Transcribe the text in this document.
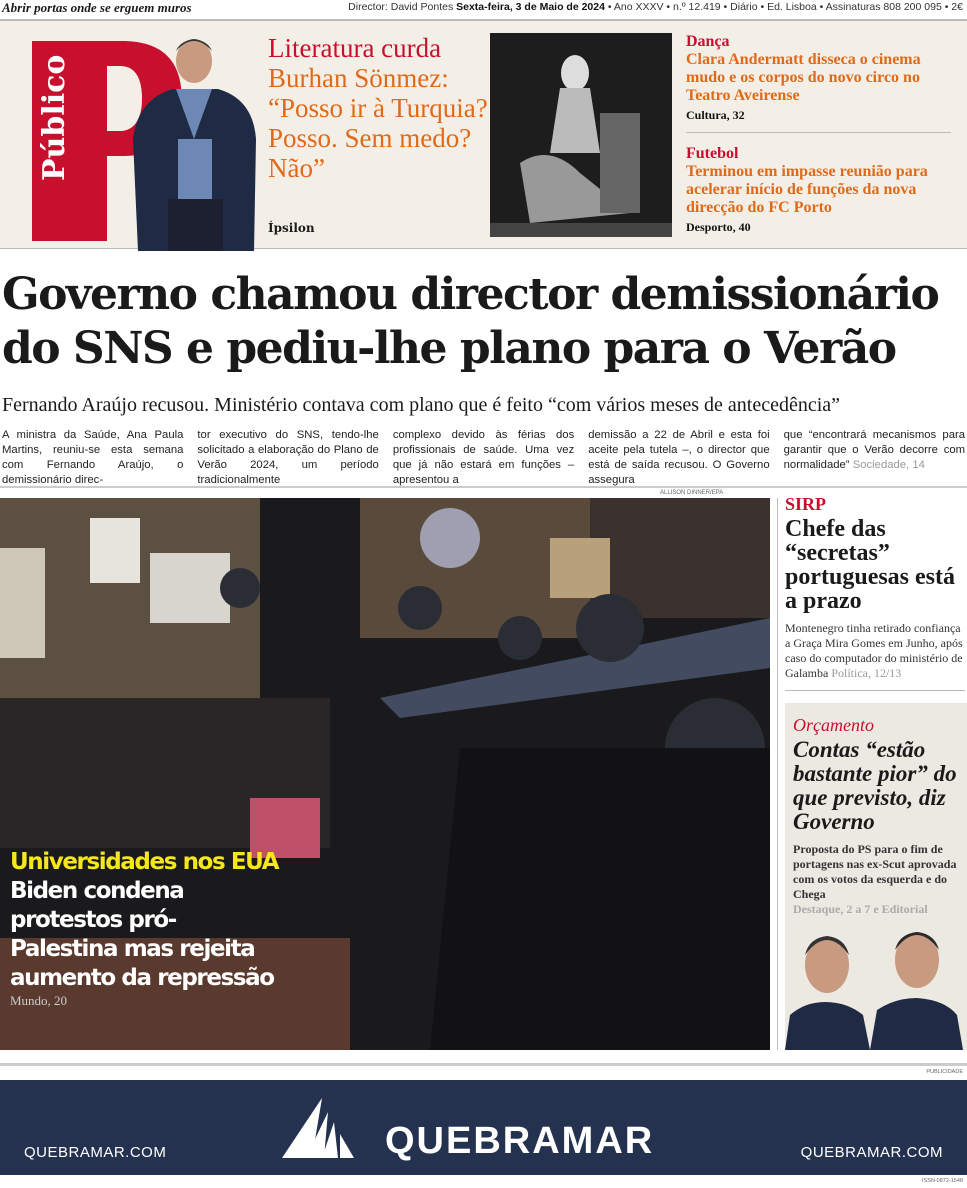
Abrir portas onde se erguem muros	Director: David Pontes Sexta-feira, 3 de Maio de 2024 • Ano XXXV • n.º 12.419 • Diário • Ed. Lisboa • Assinaturas 808 200 095 • 2€
Público
Literatura curda
Burhan Sönmez: “Posso ir à Turquia? Posso. Sem medo? Não”
Ípsilon
Dança
Clara Andermatt disseca o cinema mudo e os corpos do novo circo no Teatro Aveirense
Cultura, 32
Futebol
Terminou em impasse reunião para acelerar início de funções da nova direcção do FC Porto
Desporto, 40
Governo chamou director demissionário do SNS e pediu-lhe plano para o Verão
Fernando Araújo recusou. Ministério contava com plano que é feito “com vários meses de antecedência”
A ministra da Saúde, Ana Paula Martins, reuniu-se esta semana com Fernando Araújo, o demissionário direc-
tor executivo do SNS, tendo-lhe solicitado a elaboração do Plano de Verão 2024, um período tradicionalmente
complexo devido às férias dos profissionais de saúde. Uma vez que já não estará em funções – apresentou a
demissão a 22 de Abril e esta foi aceite pela tutela –, o director que está de saída recusou. O Governo assegura
que “encontrará mecanismos para garantir que o Verão decorre com normalidade” Sociedade, 14
ALLISON DINNER/EPA
Universidades nos EUA
Biden condena protestos pró-Palestina mas rejeita aumento da repressão
Mundo, 20
SIRP
Chefe das “secretas” portuguesas está a prazo
Montenegro tinha retirado confiança a Graça Mira Gomes em Junho, após caso do computador do ministério de Galamba Política, 12/13
Orçamento
Contas “estão bastante pior” do que previsto, diz Governo
Proposta do PS para o fim de portagens nas ex-Scut aprovada com os votos da esquerda e do Chega
Destaque, 2 a 7 e Editorial
PUBLICIDADE
QUEBRAMAR.COM	QUEBRAMAR	QUEBRAMAR.COM
ISSN-0872-1548
